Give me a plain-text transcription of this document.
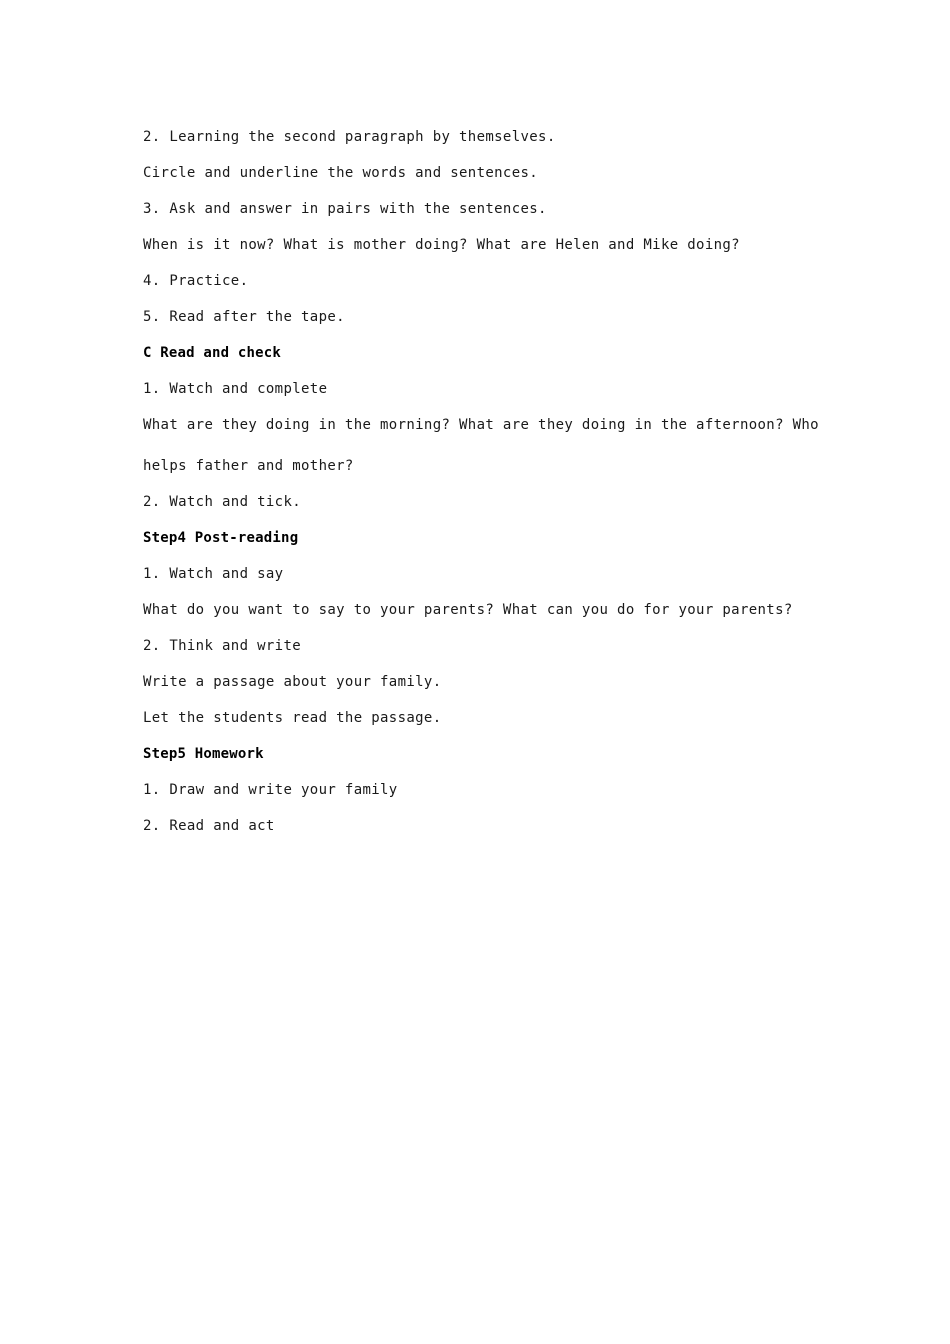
2. Learning the second paragraph by themselves.
Circle and underline the words and sentences.
3. Ask and answer in pairs with the sentences.
When is it now? What is mother doing? What are Helen and Mike doing?
4. Practice.
5. Read after the tape.
C Read and check
1. Watch and complete
What are they doing in the morning? What are they doing in the afternoon? Who
helps father and mother?
2. Watch and tick.
Step4 Post-reading
1. Watch and say
What do you want to say to your parents? What can you do for your parents?
2. Think and write
Write a passage about your family.
Let the students read the passage.
Step5 Homework
1. Draw and write your family
2. Read and act
